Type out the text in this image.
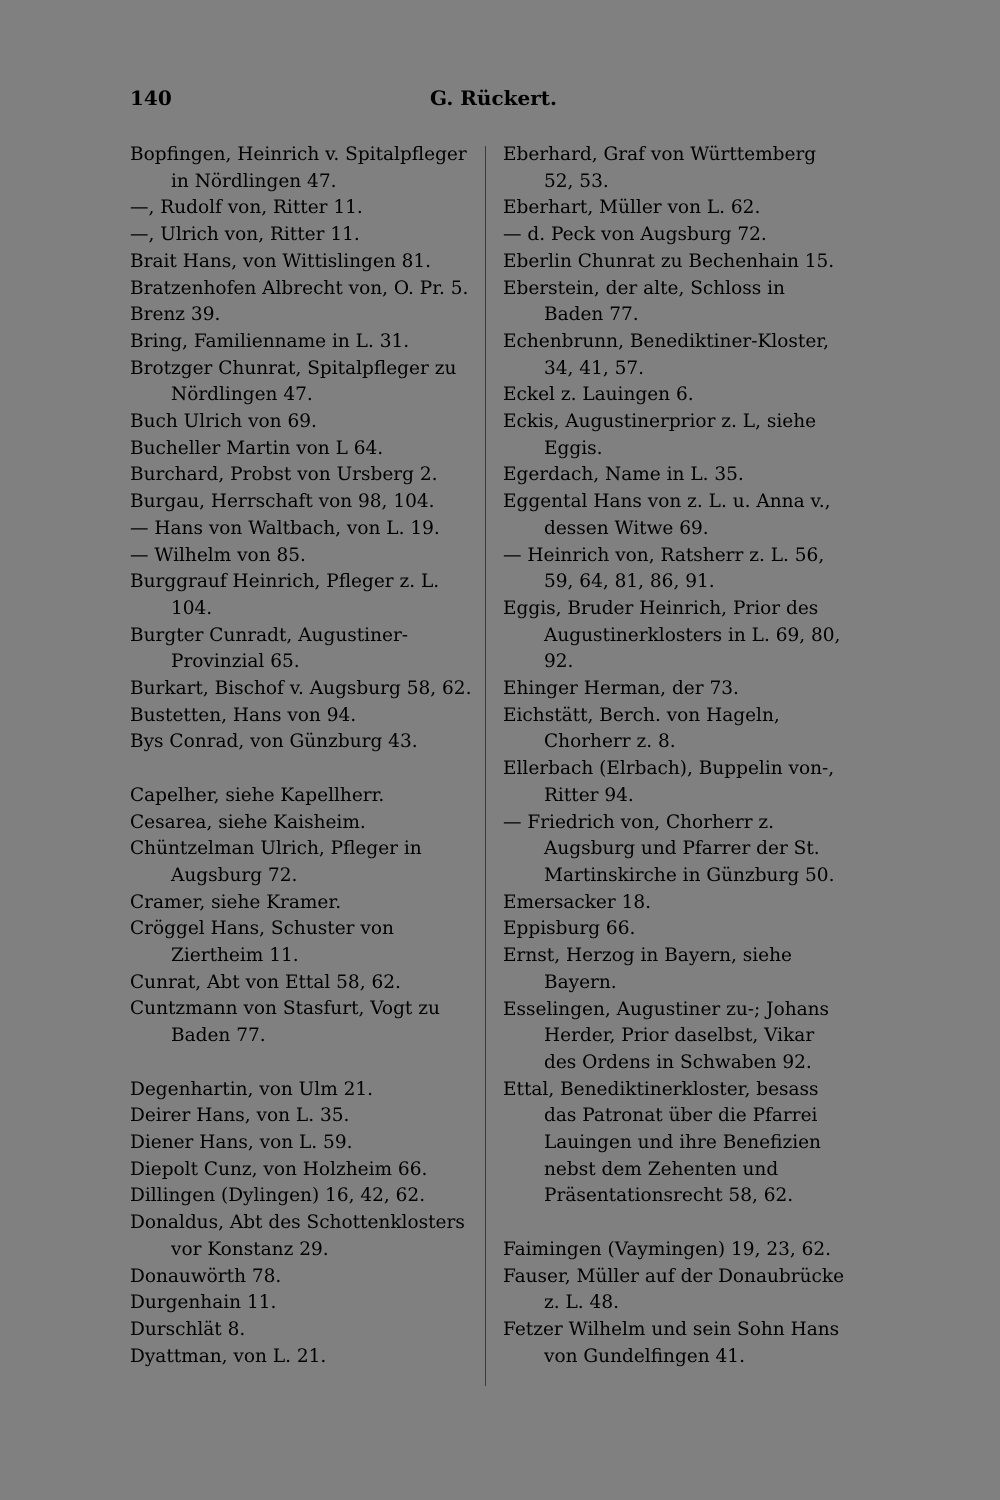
140	G. Rückert.
Bopfingen, Heinrich v. Spitalpfleger in Nördlingen 47.
—, Rudolf von, Ritter 11.
—, Ulrich von, Ritter 11.
Brait Hans, von Wittislingen 81.
Bratzenhofen Albrecht von, O. Pr. 5.
Brenz 39.
Bring, Familienname in L. 31.
Brotzger Chunrat, Spitalpfleger zu Nördlingen 47.
Buch Ulrich von 69.
Bucheller Martin von L 64.
Burchard, Probst von Ursberg 2.
Burgau, Herrschaft von 98, 104.
— Hans von Waltbach, von L. 19.
— Wilhelm von 85.
Burggrauf Heinrich, Pfleger z. L. 104.
Burgter Cunradt, Augustiner-Provinzial 65.
Burkart, Bischof v. Augsburg 58, 62.
Bustetten, Hans von 94.
Bys Conrad, von Günzburg 43.
Capelher, siehe Kapellherr.
Cesarea, siehe Kaisheim.
Chüntzelman Ulrich, Pfleger in Augsburg 72.
Cramer, siehe Kramer.
Cröggel Hans, Schuster von Ziertheim 11.
Cunrat, Abt von Ettal 58, 62.
Cuntzmann von Stasfurt, Vogt zu Baden 77.
Degenhartin, von Ulm 21.
Deirer Hans, von L. 35.
Diener Hans, von L. 59.
Diepolt Cunz, von Holzheim 66.
Dillingen (Dylingen) 16, 42, 62.
Donaldus, Abt des Schottenklosters vor Konstanz 29.
Donauwörth 78.
Durgenhain 11.
Durschlät 8.
Dyattman, von L. 21.
Eberhard, Graf von Württemberg 52, 53.
Eberhart, Müller von L. 62.
— d. Peck von Augsburg 72.
Eberlin Chunrat zu Bechenhain 15.
Eberstein, der alte, Schloss in Baden 77.
Echenbrunn, Benediktiner-Kloster, 34, 41, 57.
Eckel z. Lauingen 6.
Eckis, Augustinerprior z. L, siehe Eggis.
Egerdach, Name in L. 35.
Eggental Hans von z. L. u. Anna v., dessen Witwe 69.
— Heinrich von, Ratsherr z. L. 56, 59, 64, 81, 86, 91.
Eggis, Bruder Heinrich, Prior des Augustinerklosters in L. 69, 80, 92.
Ehinger Herman, der 73.
Eichstätt, Berch. von Hageln, Chorherr z. 8.
Ellerbach (Elrbach), Buppelin von-, Ritter 94.
— Friedrich von, Chorherr z. Augsburg und Pfarrer der St. Martinskirche in Günzburg 50.
Emersacker 18.
Eppisburg 66.
Ernst, Herzog in Bayern, siehe Bayern.
Esselingen, Augustiner zu-; Johans Herder, Prior daselbst, Vikar des Ordens in Schwaben 92.
Ettal, Benediktinerkloster, besass das Patronat über die Pfarrei Lauingen und ihre Benefizien nebst dem Zehenten und Präsentationsrecht 58, 62.
Faimingen (Vaymingen) 19, 23, 62.
Fauser, Müller auf der Donaubrücke z. L. 48.
Fetzer Wilhelm und sein Sohn Hans von Gundelfingen 41.
